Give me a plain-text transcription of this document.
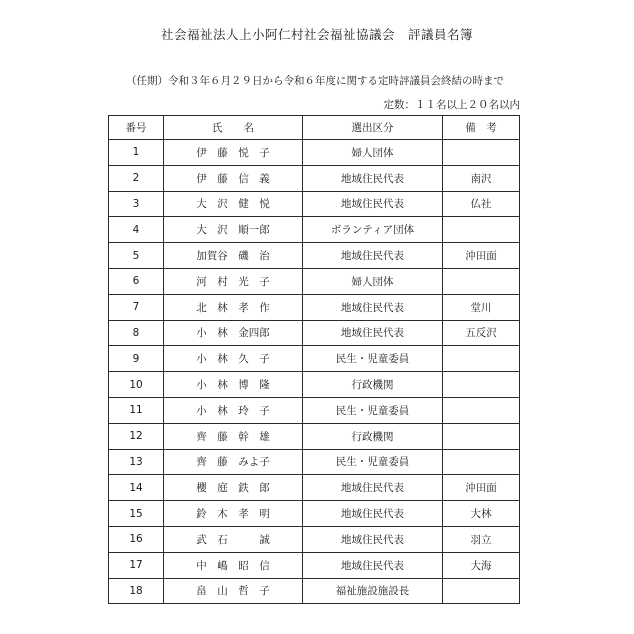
社会福祉法人上小阿仁村社会福祉協議会　評議員名簿
（任期）令和３年６月２９日から令和６年度に関する定時評議員会終結の時まで
定数：１１名以上２０名以内
番号	氏　　名	選出区分	備　考
1	伊　藤　悦　子	婦人団体	
2	伊　藤　信　義	地域住民代表	南沢
3	大　沢　健　悦	地域住民代表	仏社
4	大　沢　順一郎	ボランティア団体	
5	加賀谷　磯　治	地域住民代表	沖田面
6	河　村　光　子	婦人団体	
7	北　林　孝　作	地域住民代表	堂川
8	小　林　金四郎	地域住民代表	五反沢
9	小　林　久　子	民生・児童委員	
10	小　林　博　隆	行政機関	
11	小　林　玲　子	民生・児童委員	
12	齊　藤　幹　雄	行政機関	
13	齊　藤　みよ子	民生・児童委員	
14	櫻　庭　鉄　郎	地域住民代表	沖田面
15	鈴　木　孝　明	地域住民代表	大林
16	武　石　　　誠	地域住民代表	羽立
17	中　嶋　昭　信	地域住民代表	大海
18	畠　山　哲　子	福祉施設施設長	
